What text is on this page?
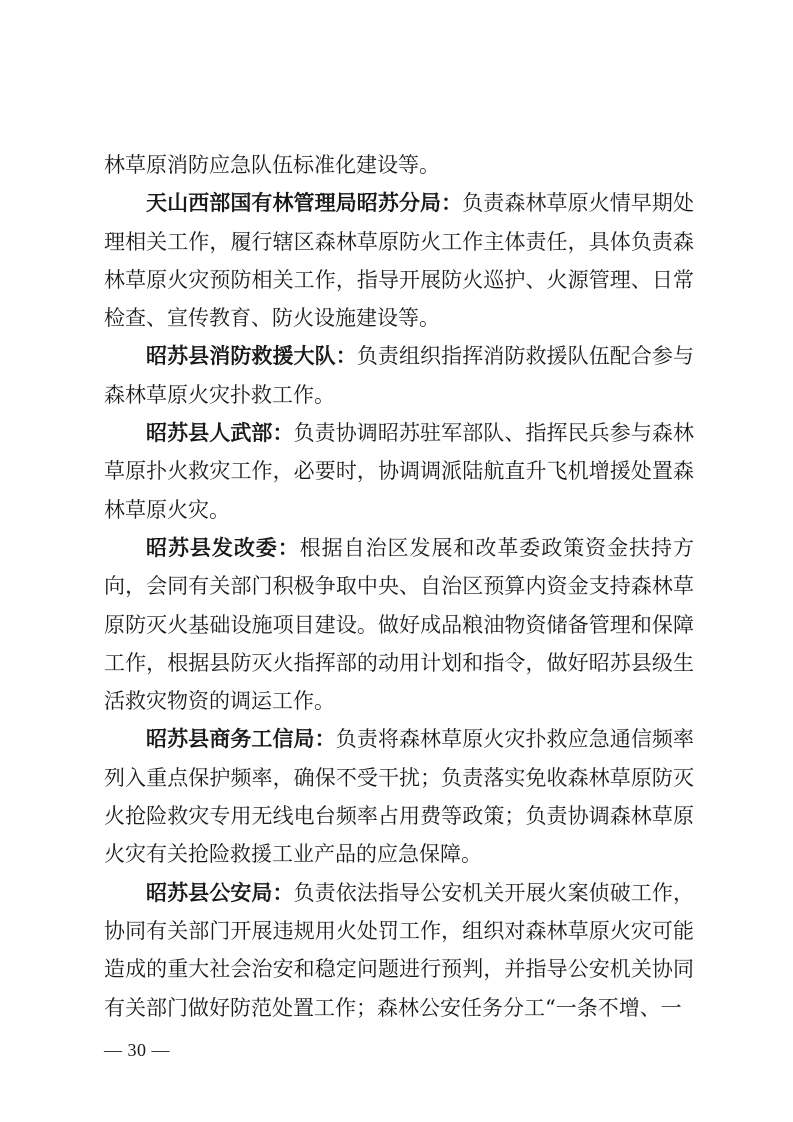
林草原消防应急队伍标准化建设等。

天山西部国有林管理局昭苏分局：负责森林草原火情早期处理相关工作，履行辖区森林草原防火工作主体责任，具体负责森林草原火灾预防相关工作，指导开展防火巡护、火源管理、日常检查、宣传教育、防火设施建设等。

昭苏县消防救援大队：负责组织指挥消防救援队伍配合参与森林草原火灾扑救工作。

昭苏县人武部：负责协调昭苏驻军部队、指挥民兵参与森林草原扑火救灾工作，必要时，协调调派陆航直升飞机增援处置森林草原火灾。

昭苏县发改委：根据自治区发展和改革委政策资金扶持方向，会同有关部门积极争取中央、自治区预算内资金支持森林草原防灭火基础设施项目建设。做好成品粮油物资储备管理和保障工作，根据县防灭火指挥部的动用计划和指令，做好昭苏县级生活救灾物资的调运工作。

昭苏县商务工信局：负责将森林草原火灾扑救应急通信频率列入重点保护频率，确保不受干扰；负责落实免收森林草原防灭火抢险救灾专用无线电台频率占用费等政策；负责协调森林草原火灾有关抢险救援工业产品的应急保障。

昭苏县公安局：负责依法指导公安机关开展火案侦破工作，协同有关部门开展违规用火处罚工作，组织对森林草原火灾可能造成的重大社会治安和稳定问题进行预判，并指导公安机关协同有关部门做好防范处置工作；森林公安任务分工“一条不增、一

— 30 —
